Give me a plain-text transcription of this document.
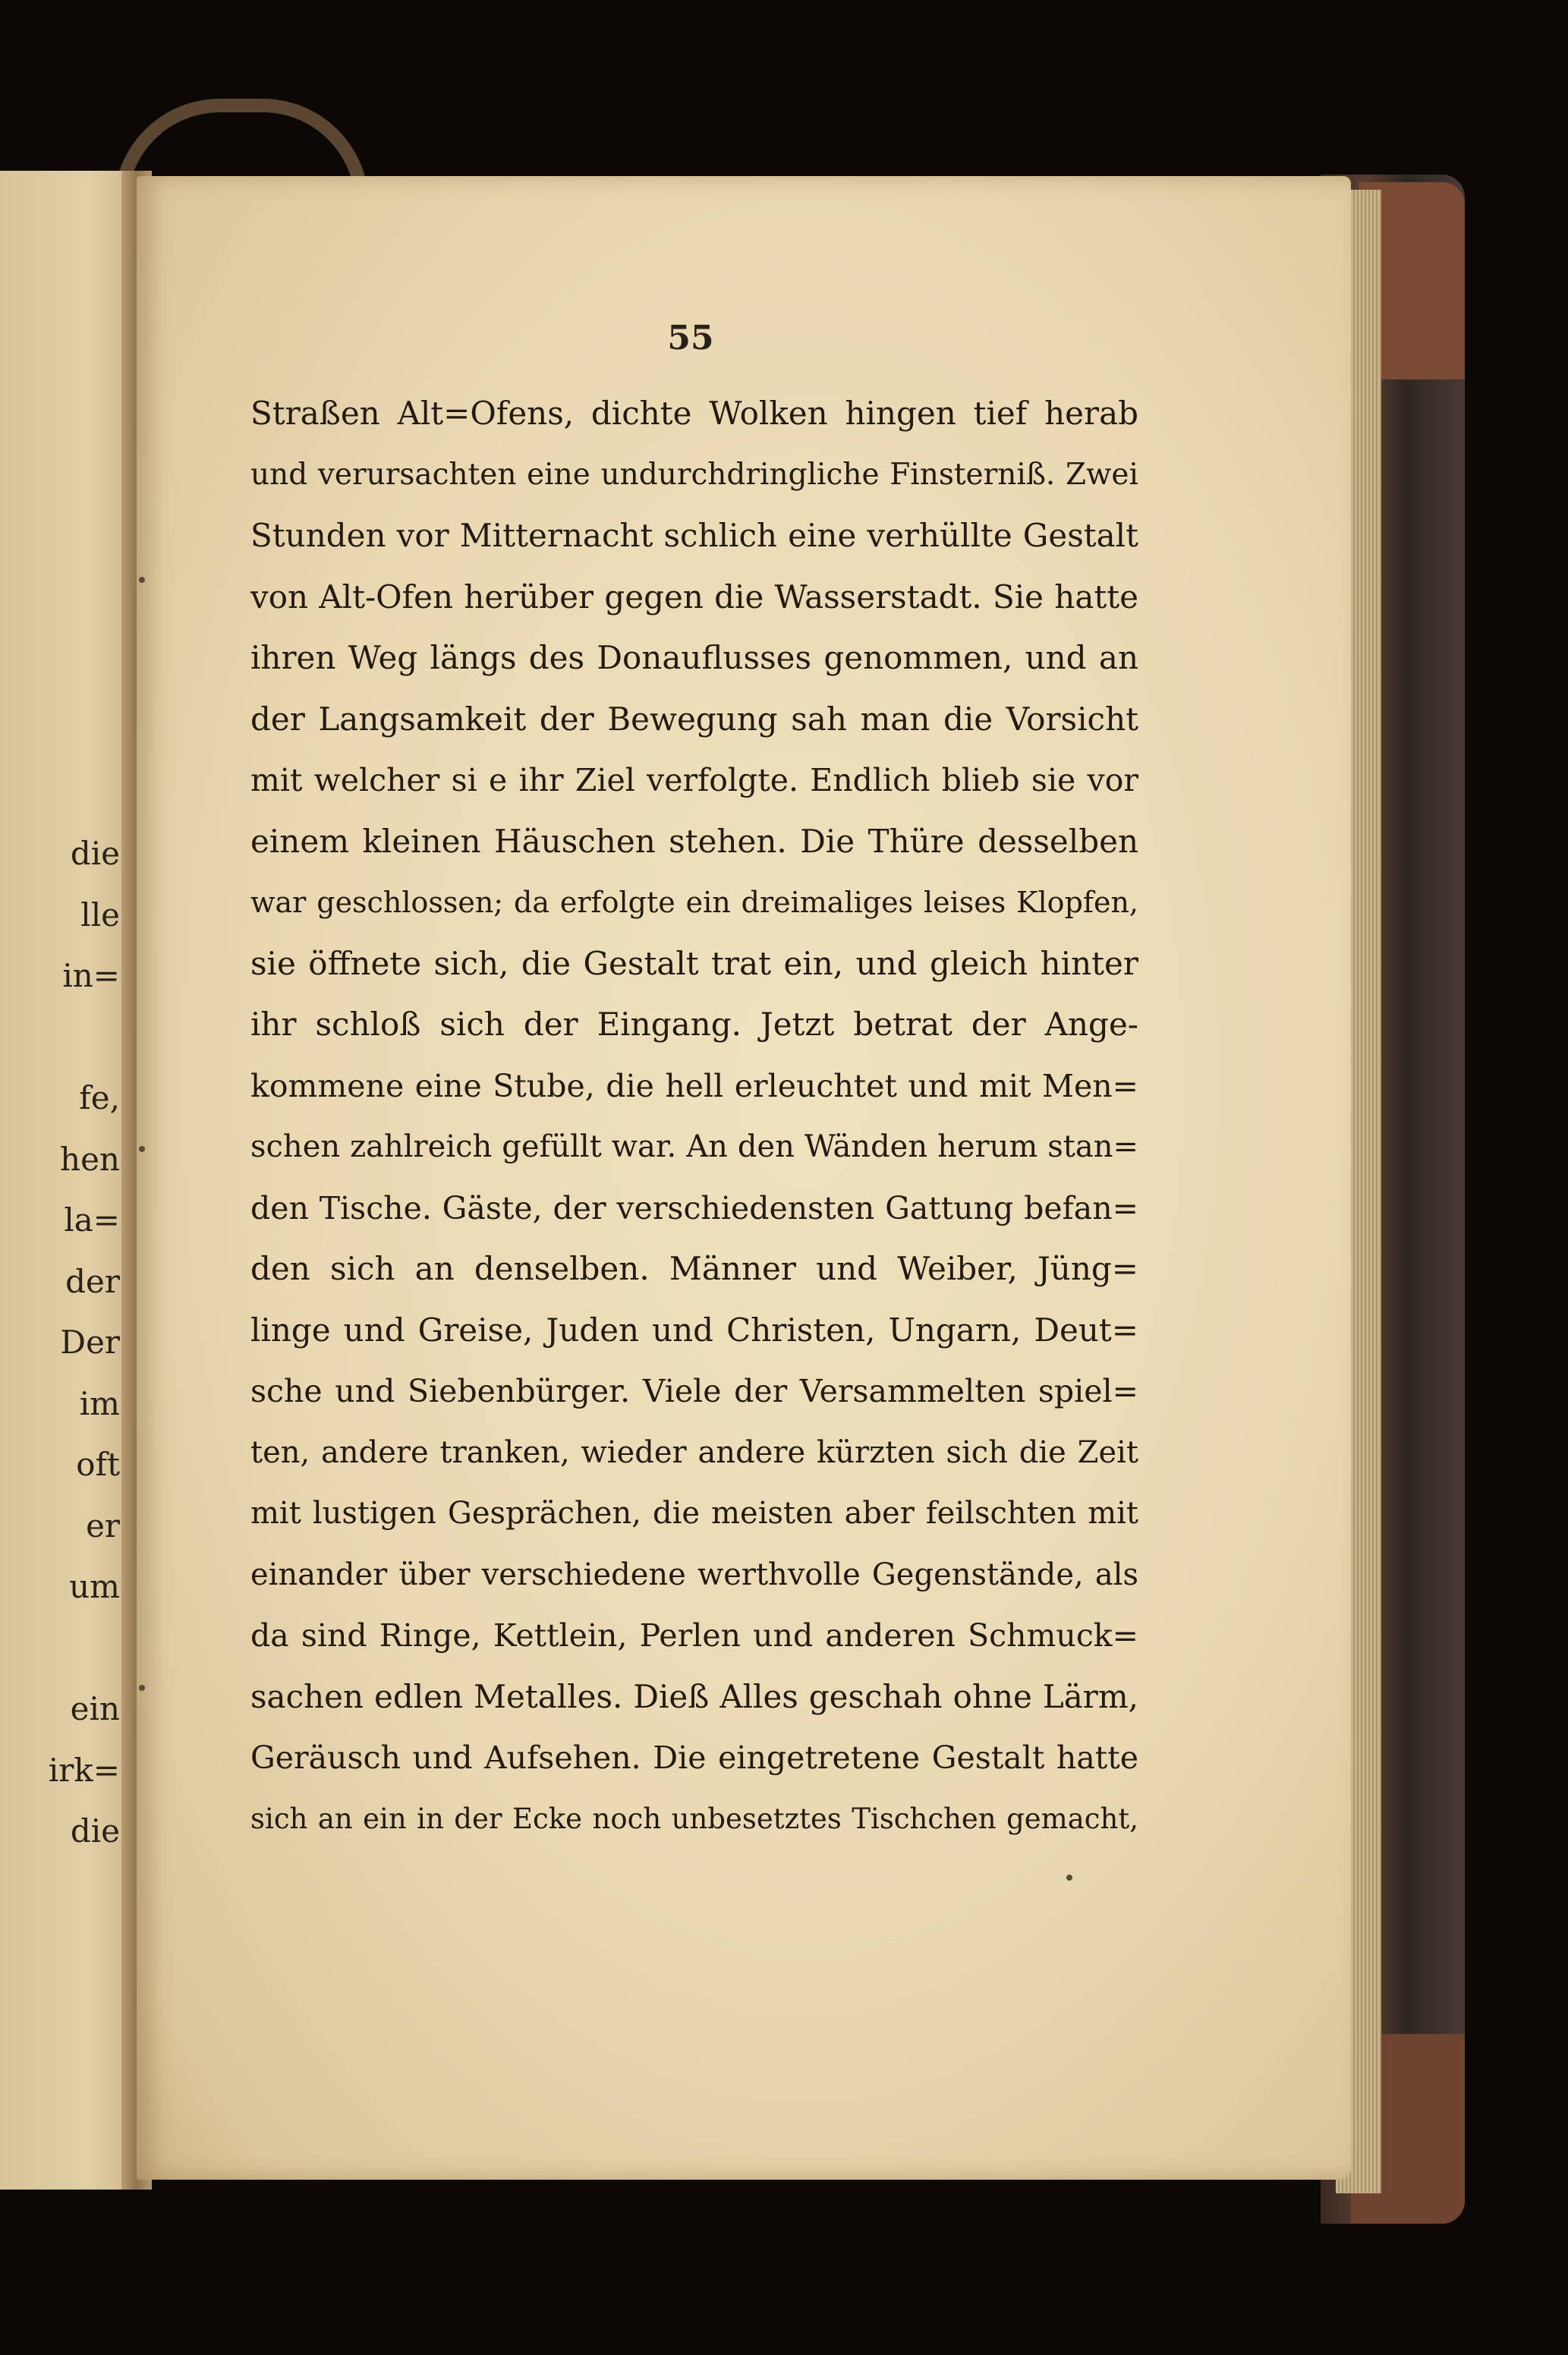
die
lle
in=
fe,
hen
la=
der
Der
im
oft
er
um
ein
irk=
die
55
Straßen Alt=Ofens, dichte Wolken hingen tief herab
und verursachten eine undurchdringliche Finsterniß. Zwei
Stunden vor Mitternacht schlich eine verhüllte Gestalt
von Alt-Ofen herüber gegen die Wasserstadt. Sie hatte
ihren Weg längs des Donauflusses genommen, und an
der Langsamkeit der Bewegung sah man die Vorsicht
mit welcher si e ihr Ziel verfolgte. Endlich blieb sie vor
einem kleinen Häuschen stehen. Die Thüre desselben
war geschlossen; da erfolgte ein dreimaliges leises Klopfen,
sie öffnete sich, die Gestalt trat ein, und gleich hinter
ihr schloß sich der Eingang. Jetzt betrat der Ange-
kommene eine Stube, die hell erleuchtet und mit Men=
schen zahlreich gefüllt war. An den Wänden herum stan=
den Tische. Gäste, der verschiedensten Gattung befan=
den sich an denselben. Männer und Weiber, Jüng=
linge und Greise, Juden und Christen, Ungarn, Deut=
sche und Siebenbürger. Viele der Versammelten spiel=
ten, andere tranken, wieder andere kürzten sich die Zeit
mit lustigen Gesprächen, die meisten aber feilschten mit
einander über verschiedene werthvolle Gegenstände, als
da sind Ringe, Kettlein, Perlen und anderen Schmuck=
sachen edlen Metalles. Dieß Alles geschah ohne Lärm,
Geräusch und Aufsehen. Die eingetretene Gestalt hatte
sich an ein in der Ecke noch unbesetztes Tischchen gemacht,
